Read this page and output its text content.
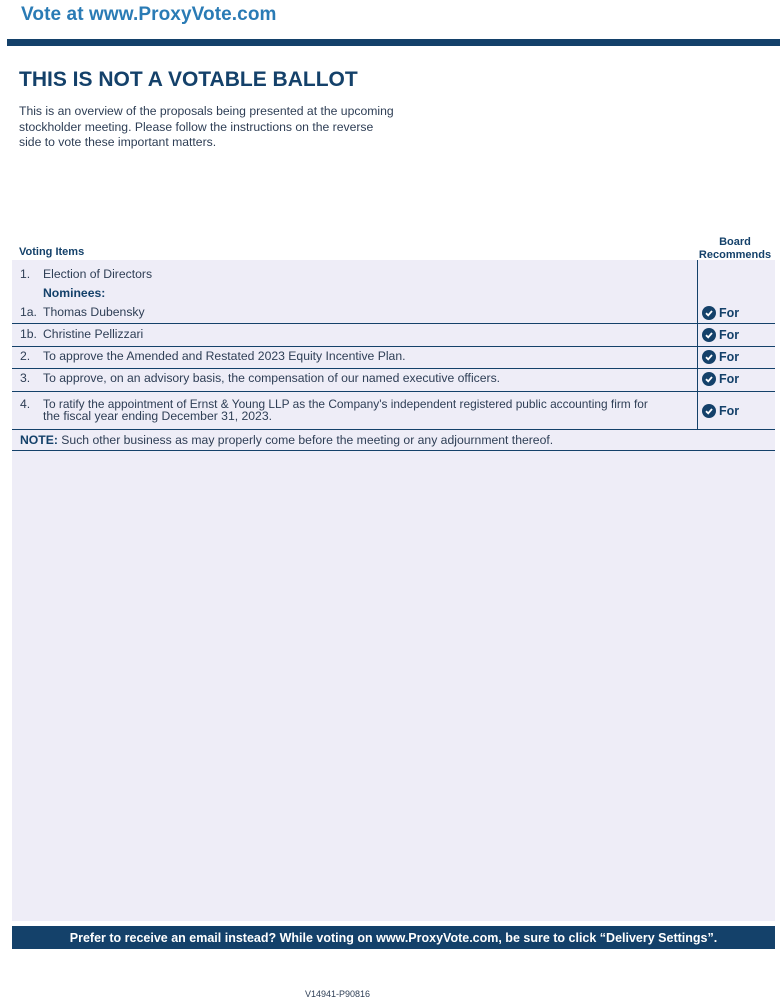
Vote at www.ProxyVote.com
THIS IS NOT A VOTABLE BALLOT
This is an overview of the proposals being presented at the upcoming stockholder meeting. Please follow the instructions on the reverse side to vote these important matters.
Voting Items
Board
Recommends
1. Election of Directors
Nominees:
1a. Thomas Dubensky	For
1b. Christine Pellizzari	For
2. To approve the Amended and Restated 2023 Equity Incentive Plan.	For
3. To approve, on an advisory basis, the compensation of our named executive officers.	For
4. To ratify the appointment of Ernst & Young LLP as the Company's independent registered public accounting firm for
the fiscal year ending December 31, 2023.	For
NOTE: Such other business as may properly come before the meeting or any adjournment thereof.
Prefer to receive an email instead? While voting on www.ProxyVote.com, be sure to click “Delivery Settings”.
V14941-P90816
